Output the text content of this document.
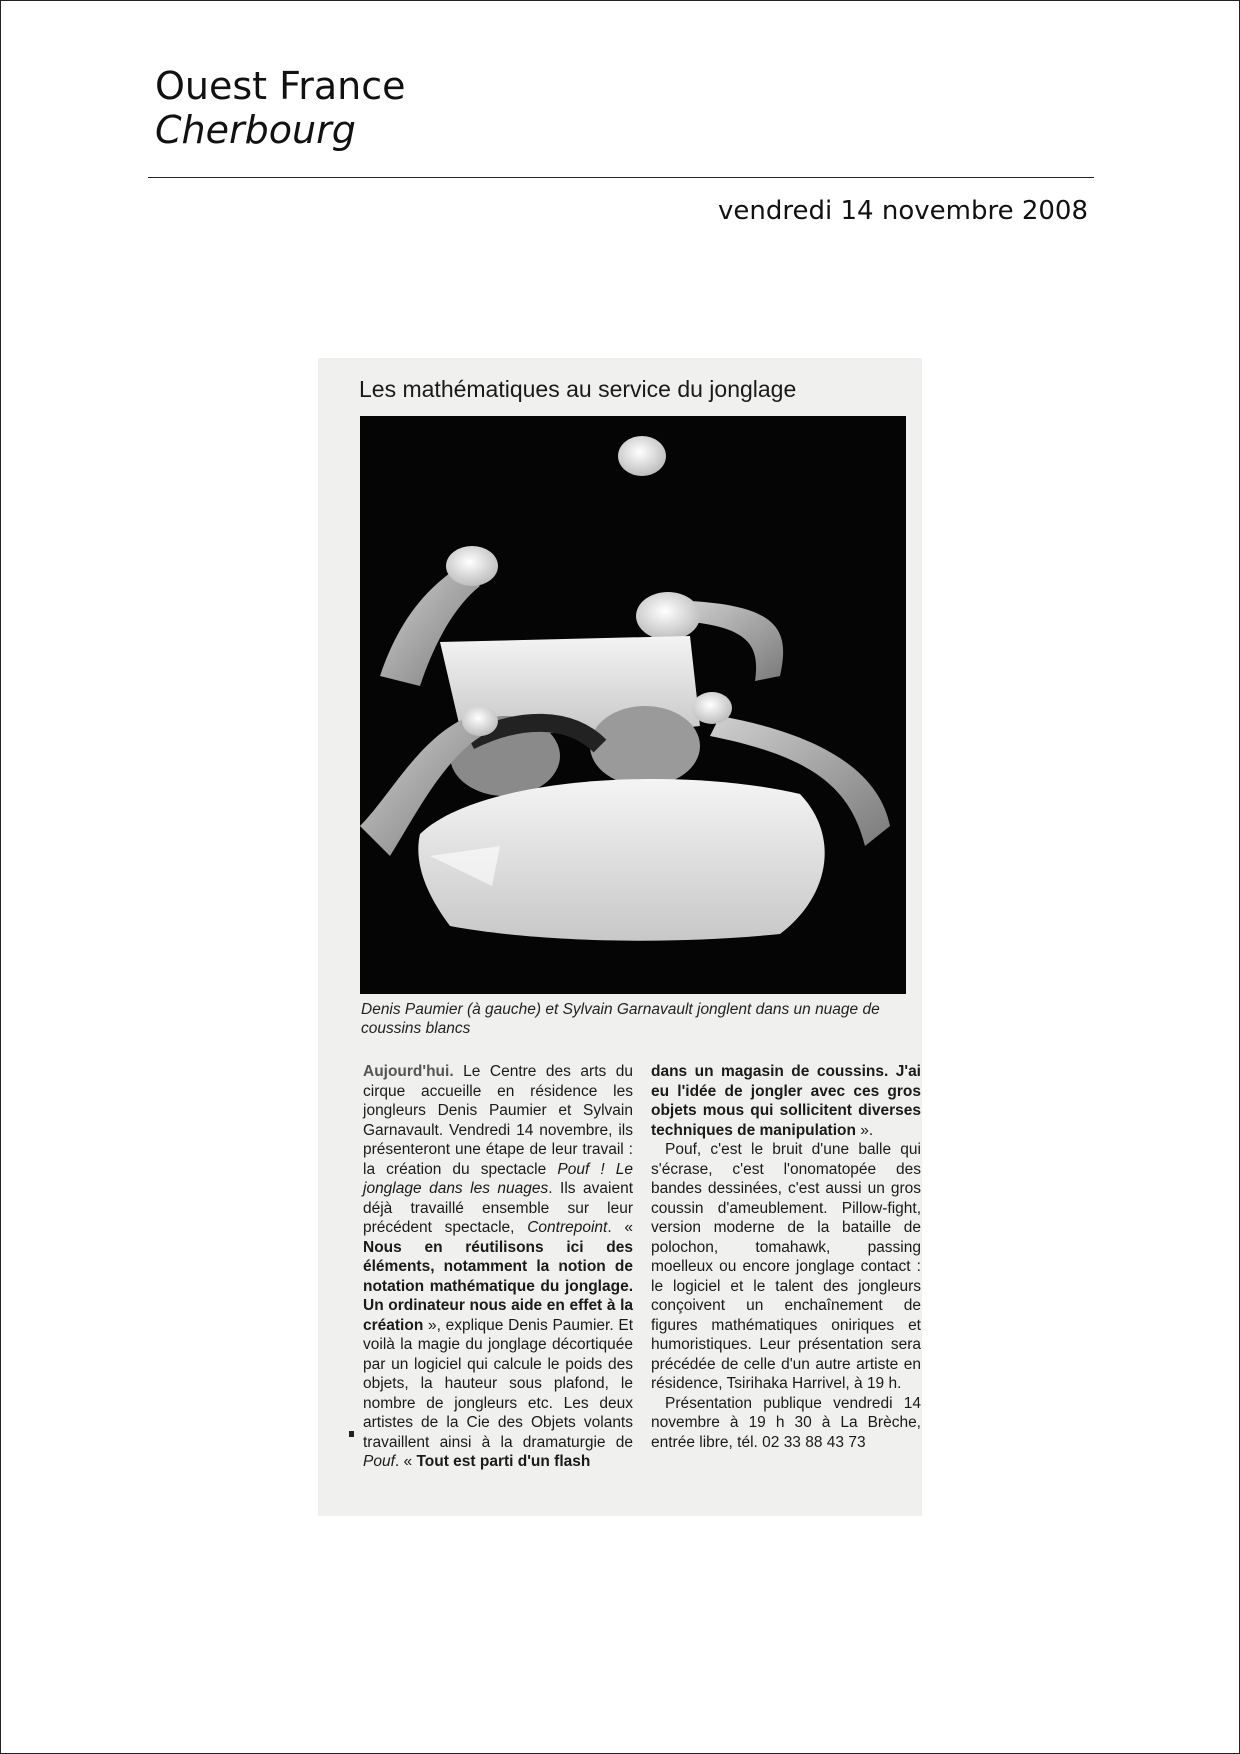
Ouest France
Cherbourg
vendredi 14 novembre 2008
Les mathématiques au service du jonglage
Denis Paumier (à gauche) et Sylvain Garnavault jonglent dans un nuage de coussins blancs

Aujourd'hui. Le Centre des arts du cirque accueille en résidence les jongleurs Denis Paumier et Sylvain Garnavault. Vendredi 14 novembre, ils présenteront une étape de leur travail : la création du spectacle Pouf ! Le jonglage dans les nuages. Ils avaient déjà travaillé ensemble sur leur précédent spectacle, Contrepoint. « Nous en réutilisons ici des éléments, notamment la notion de notation mathématique du jonglage. Un ordinateur nous aide en effet à la création », explique Denis Paumier. Et voilà la magie du jonglage décortiquée par un logiciel qui calcule le poids des objets, la hauteur sous plafond, le nombre de jongleurs etc. Les deux artistes de la Cie des Objets volants travaillent ainsi à la dramaturgie de Pouf. « Tout est parti d'un flash

dans un magasin de coussins. J'ai eu l'idée de jongler avec ces gros objets mous qui sollicitent diverses techniques de manipulation ».

Pouf, c'est le bruit d'une balle qui s'écrase, c'est l'onomatopée des bandes dessinées, c'est aussi un gros coussin d'ameublement. Pillow-fight, version moderne de la bataille de polochon, tomahawk, passing moelleux ou encore jonglage contact : le logiciel et le talent des jongleurs conçoivent un enchaînement de figures mathématiques oniriques et humoristiques. Leur présentation sera précédée de celle d'un autre artiste en résidence, Tsirihaka Harrivel, à 19 h.

Présentation publique vendredi 14 novembre à 19 h 30 à La Brèche, entrée libre, tél. 02 33 88 43 73
